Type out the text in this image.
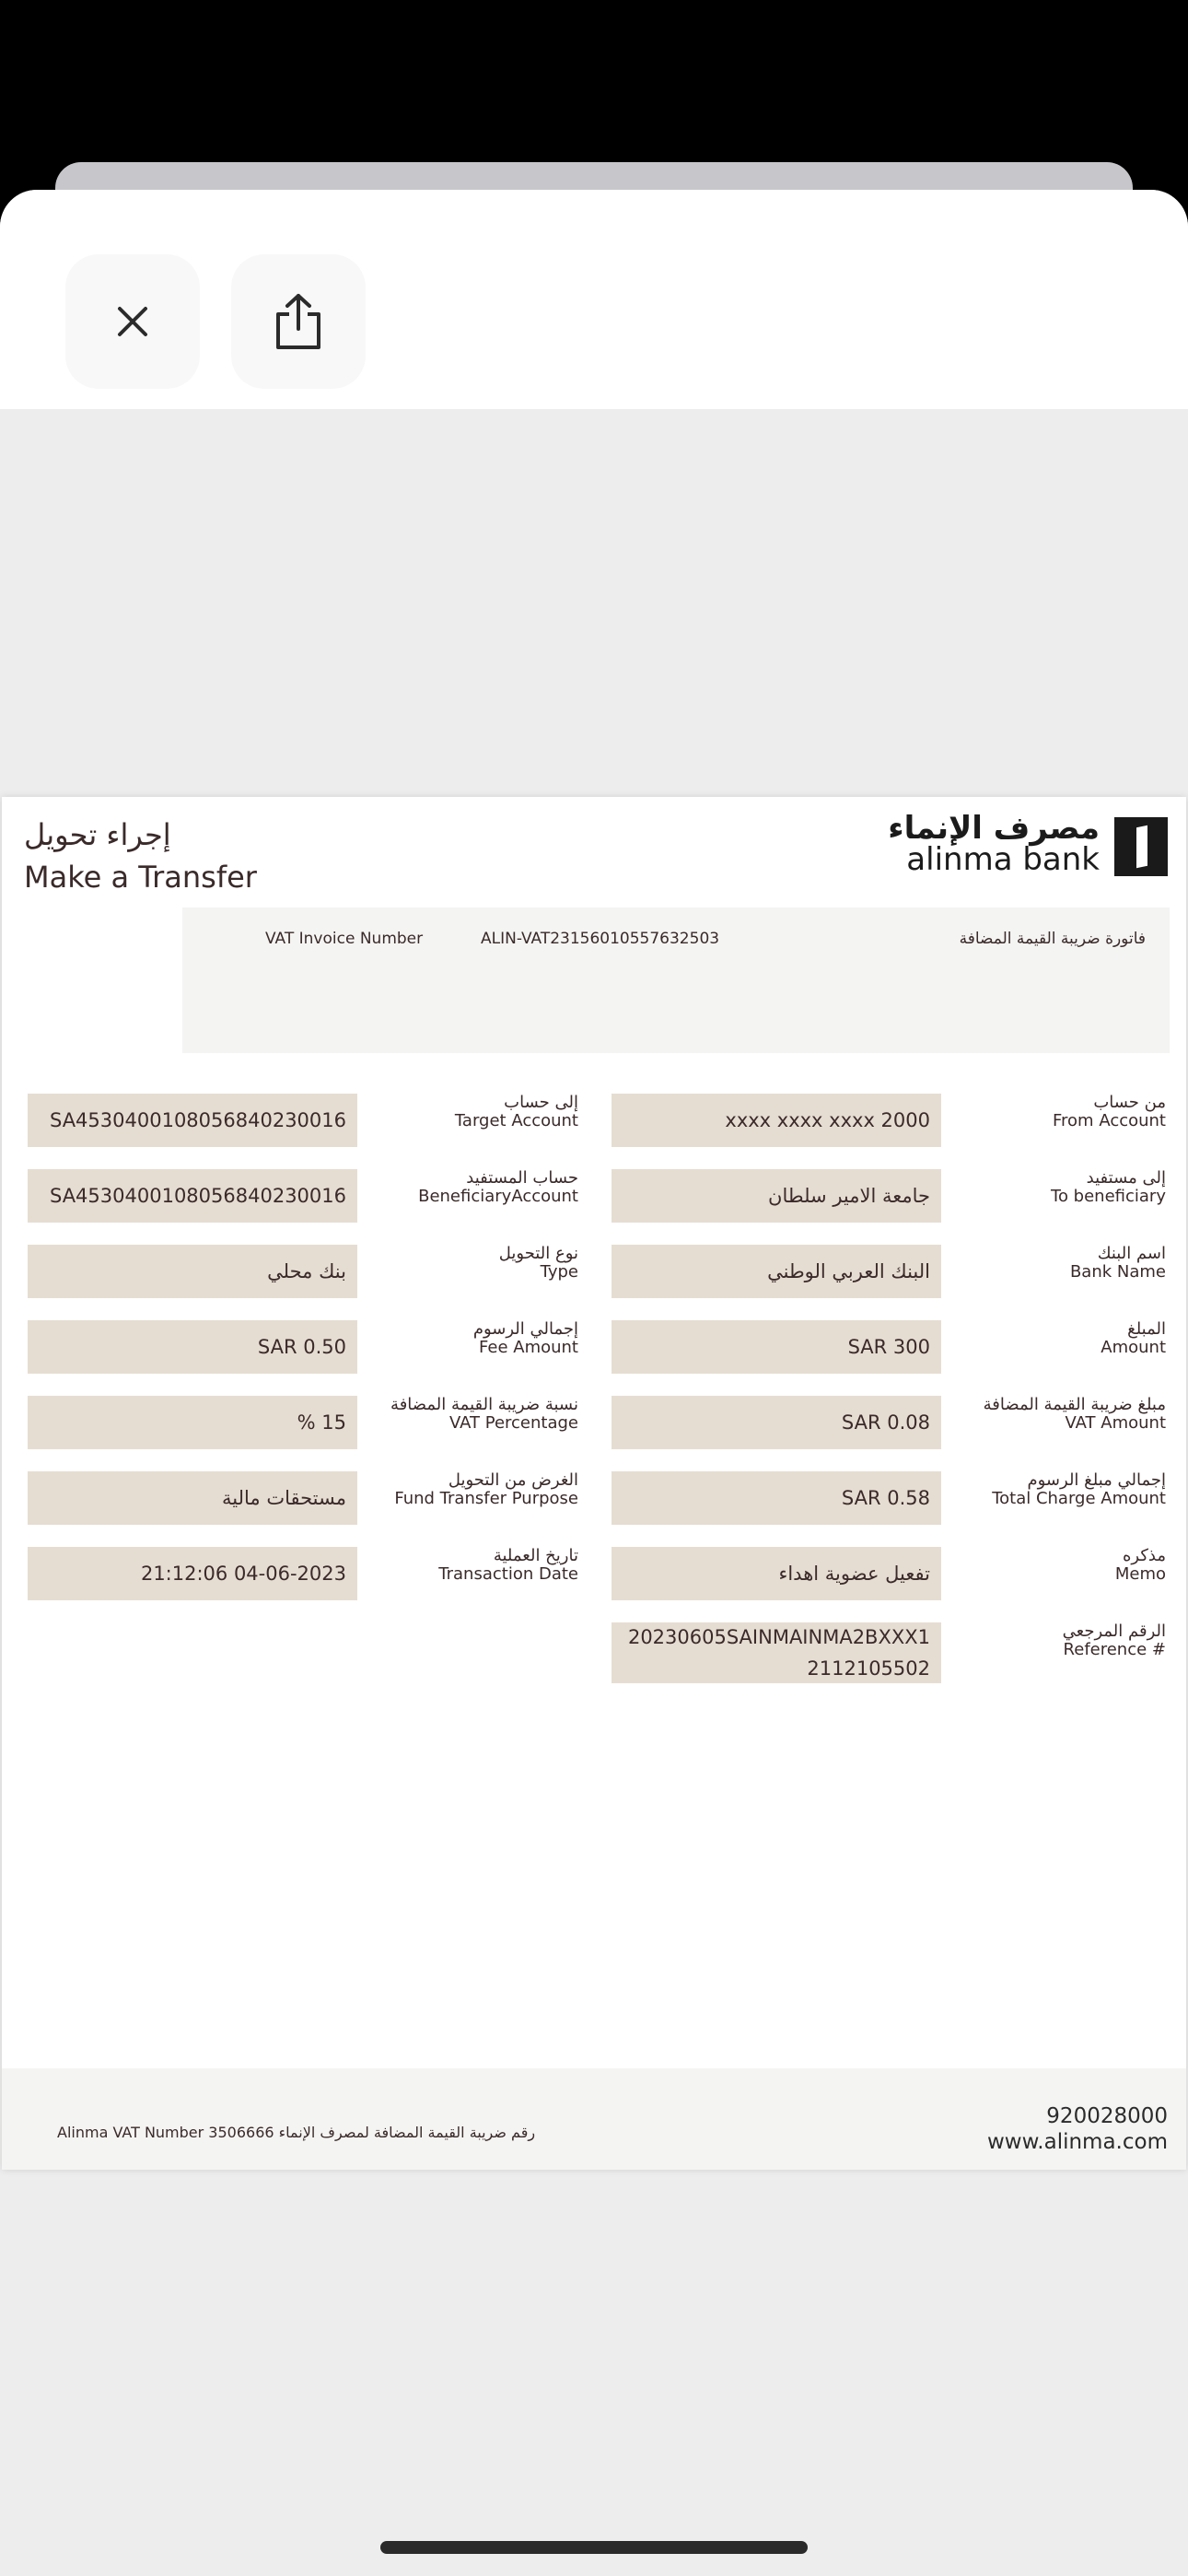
إجراء تحويل
Make a Transfer
مصرف الإنماء
alinma bank
VAT Invoice Number	ALIN-VAT23156010557632503	فاتورة ضريبة القيمة المضافة
من حساب
From Account
xxxx xxxx xxxx 2000
إلى مستفيد
To beneficiary
جامعة الامير سلطان
اسم البنك
Bank Name
البنك العربي الوطني
المبلغ
Amount
SAR 300
مبلغ ضريبة القيمة المضافة
VAT Amount
SAR 0.08
إجمالي مبلغ الرسوم
Total Charge Amount
SAR 0.58
مذكره
Memo
تفعيل عضوية اهداء
الرقم المرجعي
Reference #
20230605SAINMAINMA2BXXX12112105502
إلى حساب
Target Account
SA4530400108056840230016
حساب المستفيد
BeneficiaryAccount
SA4530400108056840230016
نوع التحويل
Type
بنك محلي
إجمالي الرسوم
Fee Amount
SAR 0.50
نسبة ضريبة القيمة المضافة
VAT Percentage
% 15
الغرض من التحويل
Fund Transfer Purpose
مستحقات مالية
تاريخ العملية
Transaction Date
21:12:06 04-06-2023
Alinma VAT Number 3506666 رقم ضريبة القيمة المضافة لمصرف الإنماء
920028000
www.alinma.com
